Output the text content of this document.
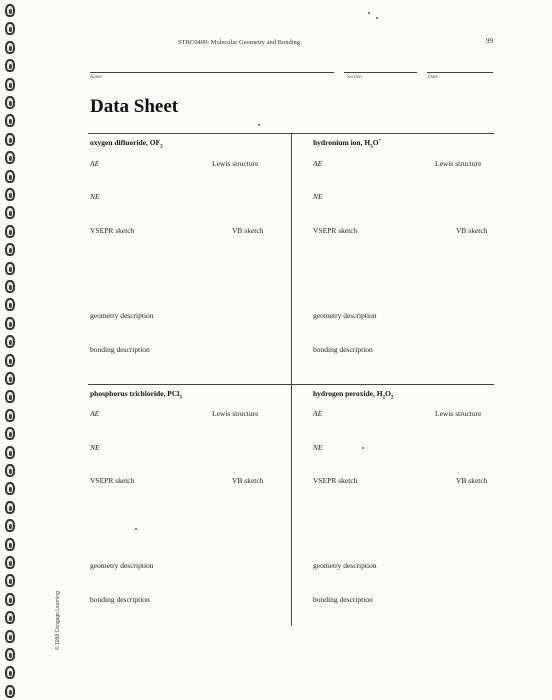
STRC0409: Molecular Geometry and Bonding	99
Name	Section	Date
Data Sheet
oxygen difluoride, $OF_2$
AE	Lewis structure
NE
VSEPR sketch	VB sketch
geometry description
bonding description
hydronium ion, $H_3O^+$
AE	Lewis structure
NE
VSEPR sketch	VB sketch
geometry description
bonding description
phosphorus trichloride, PCl$_3$
AE	Lewis structure
NE
VSEPR sketch	VB sketch
geometry description
bonding description
hydrogen peroxide, $H_2O_2$
AE	Lewis structure
NE
VSEPR sketch	VB sketch
geometry description
bonding description
© 1998 Cengage Learning
